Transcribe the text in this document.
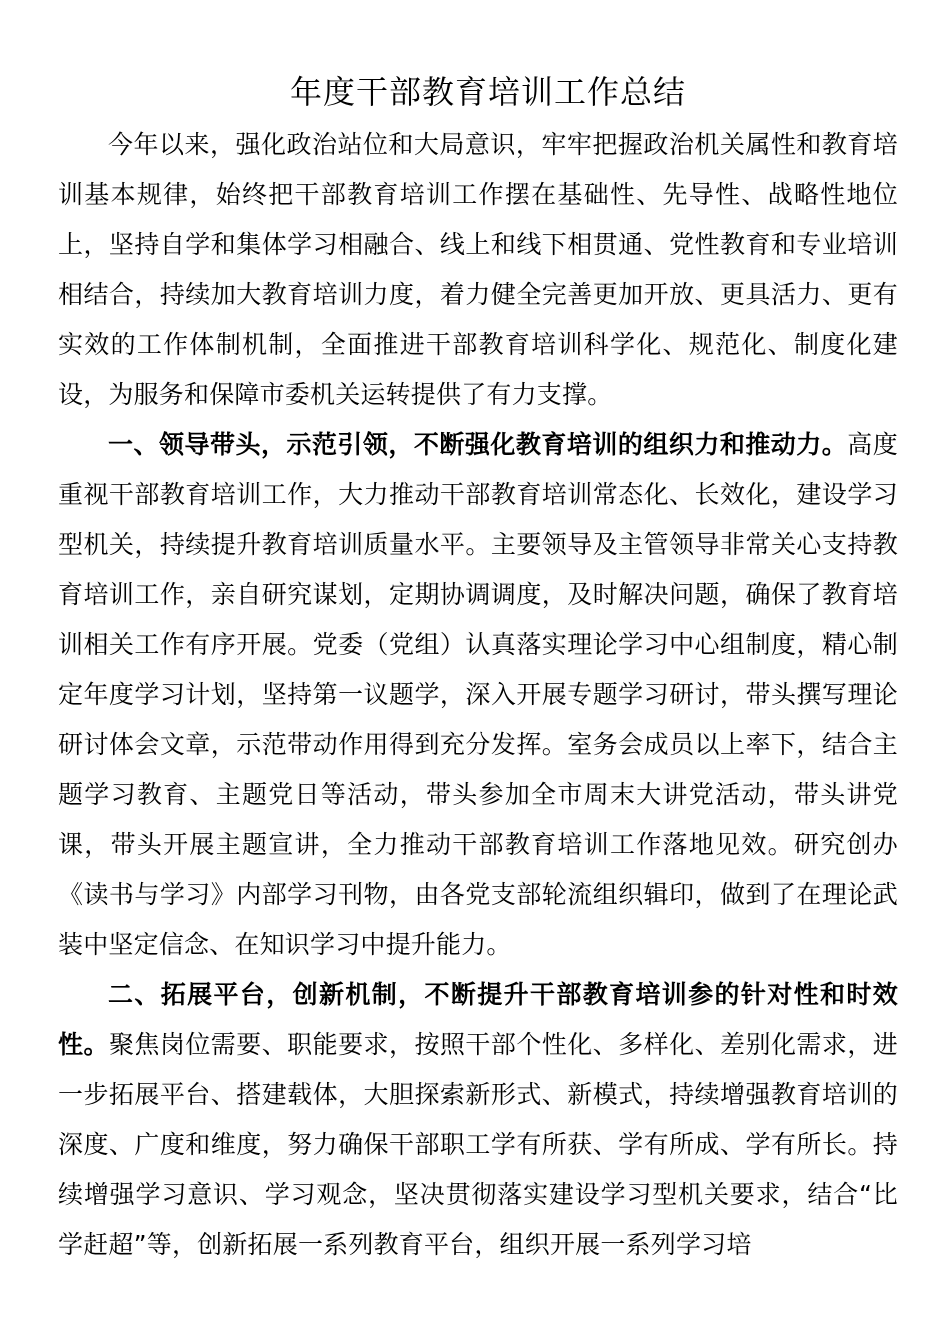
年度干部教育培训工作总结

今年以来，强化政治站位和大局意识，牢牢把握政治机关属性和教育培训基本规律，始终把干部教育培训工作摆在基础性、先导性、战略性地位上，坚持自学和集体学习相融合、线上和线下相贯通、党性教育和专业培训相结合，持续加大教育培训力度，着力健全完善更加开放、更具活力、更有实效的工作体制机制，全面推进干部教育培训科学化、规范化、制度化建设，为服务和保障市委机关运转提供了有力支撑。

一、领导带头，示范引领，不断强化教育培训的组织力和推动力。高度重视干部教育培训工作，大力推动干部教育培训常态化、长效化，建设学习型机关，持续提升教育培训质量水平。主要领导及主管领导非常关心支持教育培训工作，亲自研究谋划，定期协调调度，及时解决问题，确保了教育培训相关工作有序开展。党委（党组）认真落实理论学习中心组制度，精心制定年度学习计划，坚持第一议题学，深入开展专题学习研讨，带头撰写理论研讨体会文章，示范带动作用得到充分发挥。室务会成员以上率下，结合主题学习教育、主题党日等活动，带头参加全市周末大讲党活动，带头讲党课，带头开展主题宣讲，全力推动干部教育培训工作落地见效。研究创办《读书与学习》内部学习刊物，由各党支部轮流组织辑印，做到了在理论武装中坚定信念、在知识学习中提升能力。

二、拓展平台，创新机制，不断提升干部教育培训参的针对性和时效性。聚焦岗位需要、职能要求，按照干部个性化、多样化、差别化需求，进一步拓展平台、搭建载体，大胆探索新形式、新模式，持续增强教育培训的深度、广度和维度，努力确保干部职工学有所获、学有所成、学有所长。持续增强学习意识、学习观念，坚决贯彻落实建设学习型机关要求，结合“比学赶超”等，创新拓展一系列教育平台，组织开展一系列学习培
